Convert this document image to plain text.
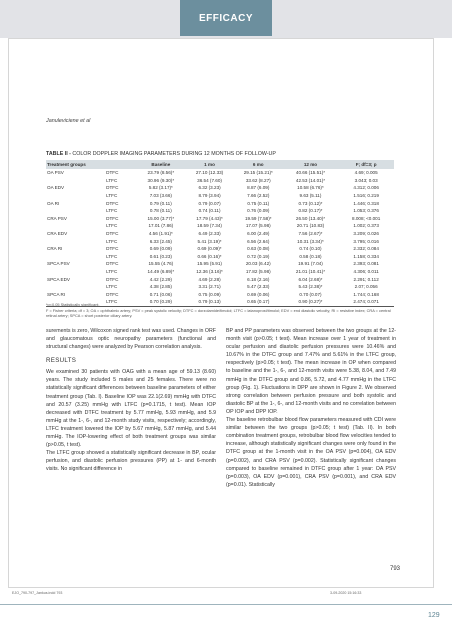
EFFICACY
Januleviciene et al
TABLE II - COLOR DOPPLER IMAGING PARAMETERS DURING 12 MONTHS OF FOLLOW-UP
Treatment groups		Baseline	1 mo	6 mo	12 mo	F; df=3; p
OA PSV	DTFC	23.79 (8.56)*	27.10 (12.33)	29.15 (15.21)*	40.66 (15.51)*	4.69; 0.005
	LTFC	30.96 (9.30)*	36.54 (7.60)	33.62 (8.27)	42.53 (14.01)*	3.043; 0.03
OA EDV	DTFC	5.82 (3.17)*	6.32 (3.23)	8.87 (6.09)	10.58 (6.76)*	4.312; 0.006
	LTFC	7.03 (3.66)	8.79 (3.94)	7.66 (2.52)	9.63 (5.11)	1.516; 0.219
OA RI	DTFC	0.79 (0.11)	0.79 (0.07)	0.75 (0.11)	0.73 (0.12)*	1.446; 0.318
	LTFC	0.78 (0.11)	0.74 (0.11)	0.76 (0.09)	0.82 (0.17)*	1.053; 0.376
CRA PSV	DTFC	15.00 (3.77)*	17.79 (4.43)*	19.59 (7.58)*	26.50 (13.40)*	8.008; <0.001
	LTFC	17.01 (7.86)	18.59 (7.34)	17.07 (5.98)	20.71 (10.83)	1.002; 0.373
CRA EDV	DTFC	4.56 (1.91)*	6.49 (2.33)	6.00 (2.49)	7.56 (2.67)*	3.209; 0.026
	LTFC	6.33 (2.45)	5.41 (3.19)*	6.56 (2.64)	10.31 (3.34)*	3.795; 0.016
CRA RI	DTFC	0.69 (0.09)	0.69 (0.09)*	0.63 (0.08)	0.74 (0.10)	2.332; 0.084
	LTFC	0.61 (0.23)	0.66 (0.16)*	0.72 (0.19)	0.58 (0.18)	1.158; 0.334
SPCA PSV	DTFC	15.55 (4.76)	15.95 (5.91)	20.03 (6.42)	19.91 (7.04)	2.393; 0.081
	LTFC	14.49 (6.89)*	12.36 (3.16)*	17.82 (5.98)	21.01 (10.41)*	4.306; 0.011
SPCA EDV	DTFC	4.42 (2.29)	4.69 (2.28)	6.18 (2.16)	6.04 (2.68)*	2.291; 0.112
	LTFC	4.38 (2.85)	3.31 (2.71)	5.47 (2.33)	5.43 (2.38)*	2.07; 0.056
SPCA RI	DTFC	0.71 (0.06)	0.75 (0.09)	0.69 (0.06)	0.70 (0.07)	1.744; 0.168
	LTFC	0.70 (0.29)	0.79 (0.13)	0.65 (0.17)	0.90 (0.27)*	2.474; 0.071
*p<0.05 Statistically significant.
F = Fisher criteria; df = 3; OA = ophthalmic artery; PSV = peak systolic velocity; DTFC = dorzolamide/timolol; LTFC = latanoprost/timolol; EDV = end diastolic velocity; RI = resistive index; CRA = central retinal artery; SPCA = short posterior ciliary artery.

surements is zero, Wilcoxon signed rank test was used. Changes in ORF and glaucomatous optic neuropathy parameters (functional and structural changes) were analyzed by Pearson correlation analysis.

RESULTS

We examined 30 patients with OAG with a mean age of 59.13 (8.60) years. The study included 5 males and 25 females. There were no statistically significant differences between baseline parameters of either treatment group (Tab. I). Baseline IOP was 22.1(2.69) mmHg with DTFC and 20.57 (3.25) mmHg with LTFC (p=0.1715, t test). Mean IOP decreased with DTFC treatment by 5.77 mmHg, 5.93 mmHg, and 5.9 mmHg at the 1-, 6-, and 12-month study visits, respectively; accordingly, LTFC treatment lowered the IOP by 5.67 mmHg, 5.87 mmHg, and 5.44 mmHg. The IOP-lowering effect of both treatment groups was similar (p>0.05, t test).

The LTFC group showed a statistically significant decrease in BP, ocular perfusion, and diastolic perfusion pressures (PP) at 1- and 6-month visits. No significant difference in

BP and PP parameters was observed between the two groups at the 12-month visit (p>0.05; t test). Mean increase over 1 year of treatment in ocular perfusion and diastolic perfusion pressures were 10.46% and 10.67% in the DTFC group and 7.47% and 5.61% in the LTFC group, respectively (p>0.05; t test). The mean increase in OP when compared to baseline and the 1-, 6-, and 12-month visits were 5.38, 8.04, and 7.49 mmHg in the DTFC group and 0.86, 5.72, and 4.77 mmHg in the LTFC group (Fig. 1). Fluctuations in DPP are shown in Figure 2. We observed strong correlation between perfusion pressure and both systolic and diastolic BP at the 1-, 6-, and 12-month visits and no correlation between OP IOP and DPP IOP.

The baseline retrobulbar blood flow parameters measured with CDI were similar between the two groups (p>0.05; t test) (Tab. II). In both combination treatment groups, retrobulbar blood flow velocities tended to increase, although statistically significant changes were only found in the DTFC group at the 1-month visit in the OA PSV (p=0.004), OA EDV (p=0.002), and CRA PSV (p=0.002). Statistically significant changes compared to baseline remained in DTFC group after 1 year: OA PSV (p=0.003), OA EDV (p=0.001), CRA PSV (p=0.001), and CRA EDV (p=0.01). Statistically

793
EJO_790-797_Jankus.indd 793	3-09-2020 15:16:33
129
